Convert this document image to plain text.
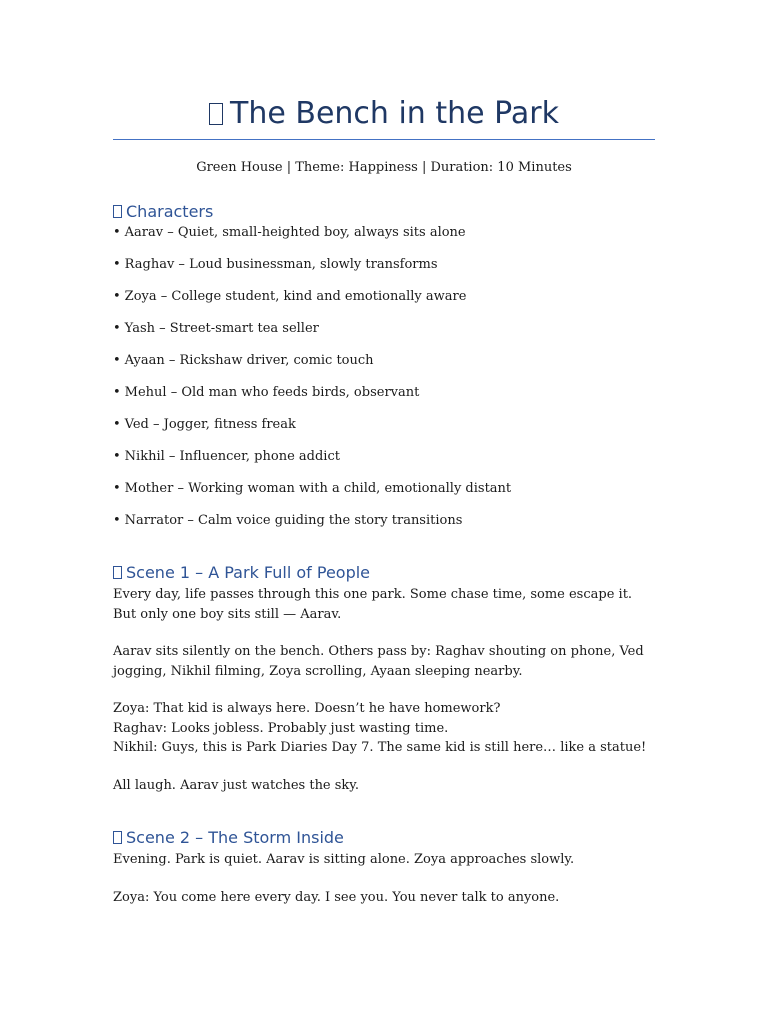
The Bench in the Park
Green House | Theme: Happiness | Duration: 10 Minutes
Characters
• Aarav – Quiet, small-heighted boy, always sits alone
• Raghav – Loud businessman, slowly transforms
• Zoya – College student, kind and emotionally aware
• Yash – Street-smart tea seller
• Ayaan – Rickshaw driver, comic touch
• Mehul – Old man who feeds birds, observant
• Ved – Jogger, fitness freak
• Nikhil – Influencer, phone addict
• Mother – Working woman with a child, emotionally distant
• Narrator – Calm voice guiding the story transitions
Scene 1 – A Park Full of People

Every day, life passes through this one park. Some chase time, some escape it. But only one boy sits still — Aarav.

Aarav sits silently on the bench. Others pass by: Raghav shouting on phone, Ved jogging, Nikhil filming, Zoya scrolling, Ayaan sleeping nearby.

Zoya: That kid is always here. Doesn’t he have homework?

Raghav: Looks jobless. Probably just wasting time.

Nikhil: Guys, this is Park Diaries Day 7. The same kid is still here… like a statue!

All laugh. Aarav just watches the sky.

Scene 2 – The Storm Inside

Evening. Park is quiet. Aarav is sitting alone. Zoya approaches slowly.

Zoya: You come here every day. I see you. You never talk to anyone.
